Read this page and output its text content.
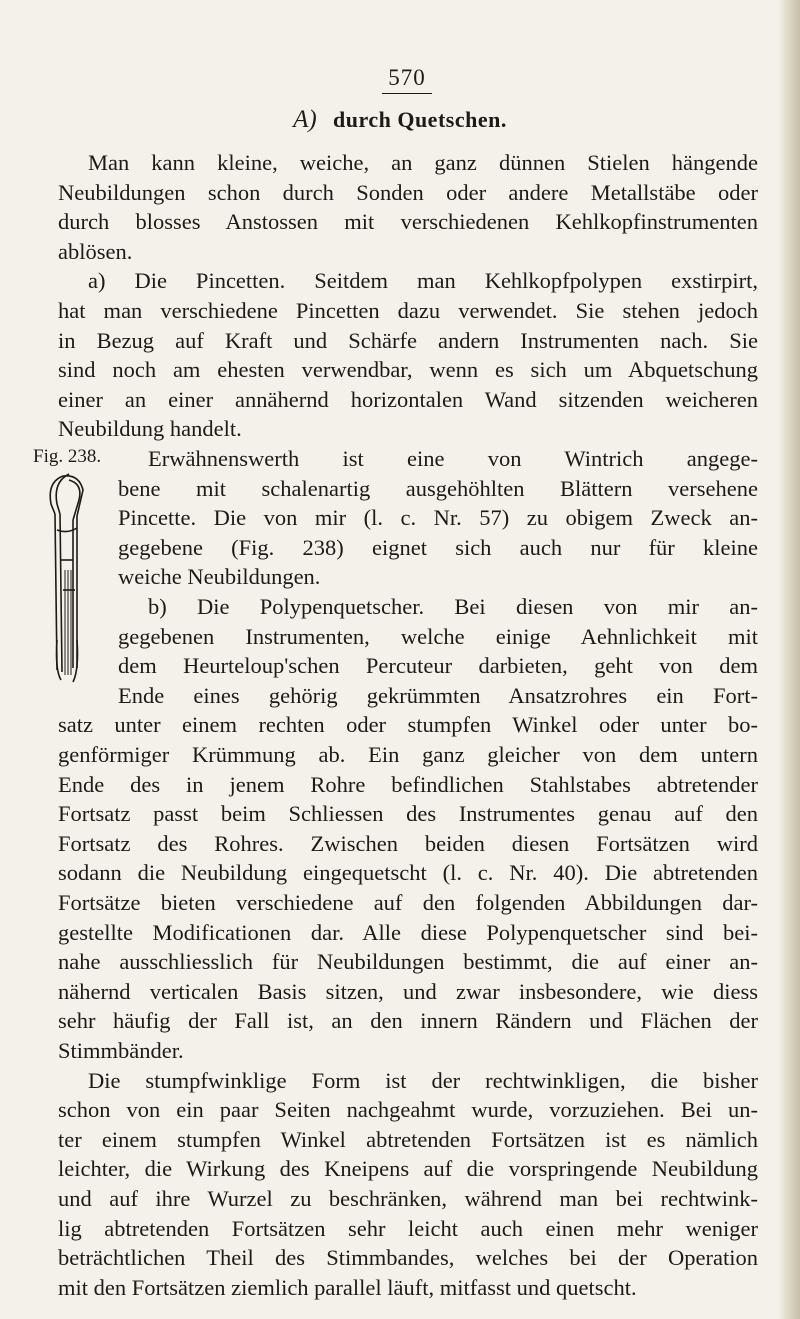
570
A) durch Quetschen.
Fig. 238.
Man kann kleine, weiche, an ganz dünnen Stielen hängende
Neubildungen schon durch Sonden oder andere Metallstäbe oder
durch blosses Anstossen mit verschiedenen Kehlkopfinstrumenten
ablösen.
a) Die Pincetten. Seitdem man Kehlkopfpolypen exstirpirt,
hat man verschiedene Pincetten dazu verwendet. Sie stehen jedoch
in Bezug auf Kraft und Schärfe andern Instrumenten nach. Sie
sind noch am ehesten verwendbar, wenn es sich um Abquetschung
einer an einer annähernd horizontalen Wand sitzenden weicheren
Neubildung handelt.
Erwähnenswerth ist eine von Wintrich angege-
bene mit schalenartig ausgehöhlten Blättern versehene
Pincette. Die von mir (l. c. Nr. 57) zu obigem Zweck an-
gegebene (Fig. 238) eignet sich auch nur für kleine
weiche Neubildungen.
b) Die Polypenquetscher. Bei diesen von mir an-
gegebenen Instrumenten, welche einige Aehnlichkeit mit
dem Heurteloup'schen Percuteur darbieten, geht von dem
Ende eines gehörig gekrümmten Ansatzrohres ein Fort-
satz unter einem rechten oder stumpfen Winkel oder unter bo-
genförmiger Krümmung ab. Ein ganz gleicher von dem untern
Ende des in jenem Rohre befindlichen Stahlstabes abtretender
Fortsatz passt beim Schliessen des Instrumentes genau auf den
Fortsatz des Rohres. Zwischen beiden diesen Fortsätzen wird
sodann die Neubildung eingequetscht (l. c. Nr. 40). Die abtretenden
Fortsätze bieten verschiedene auf den folgenden Abbildungen dar-
gestellte Modificationen dar. Alle diese Polypenquetscher sind bei-
nahe ausschliesslich für Neubildungen bestimmt, die auf einer an-
nähernd verticalen Basis sitzen, und zwar insbesondere, wie diess
sehr häufig der Fall ist, an den innern Rändern und Flächen der
Stimmbänder.
Die stumpfwinklige Form ist der rechtwinkligen, die bisher
schon von ein paar Seiten nachgeahmt wurde, vorzuziehen. Bei un-
ter einem stumpfen Winkel abtretenden Fortsätzen ist es nämlich
leichter, die Wirkung des Kneipens auf die vorspringende Neubildung
und auf ihre Wurzel zu beschränken, während man bei rechtwink-
lig abtretenden Fortsätzen sehr leicht auch einen mehr weniger
beträchtlichen Theil des Stimmbandes, welches bei der Operation
mit den Fortsätzen ziemlich parallel läuft, mitfasst und quetscht.
